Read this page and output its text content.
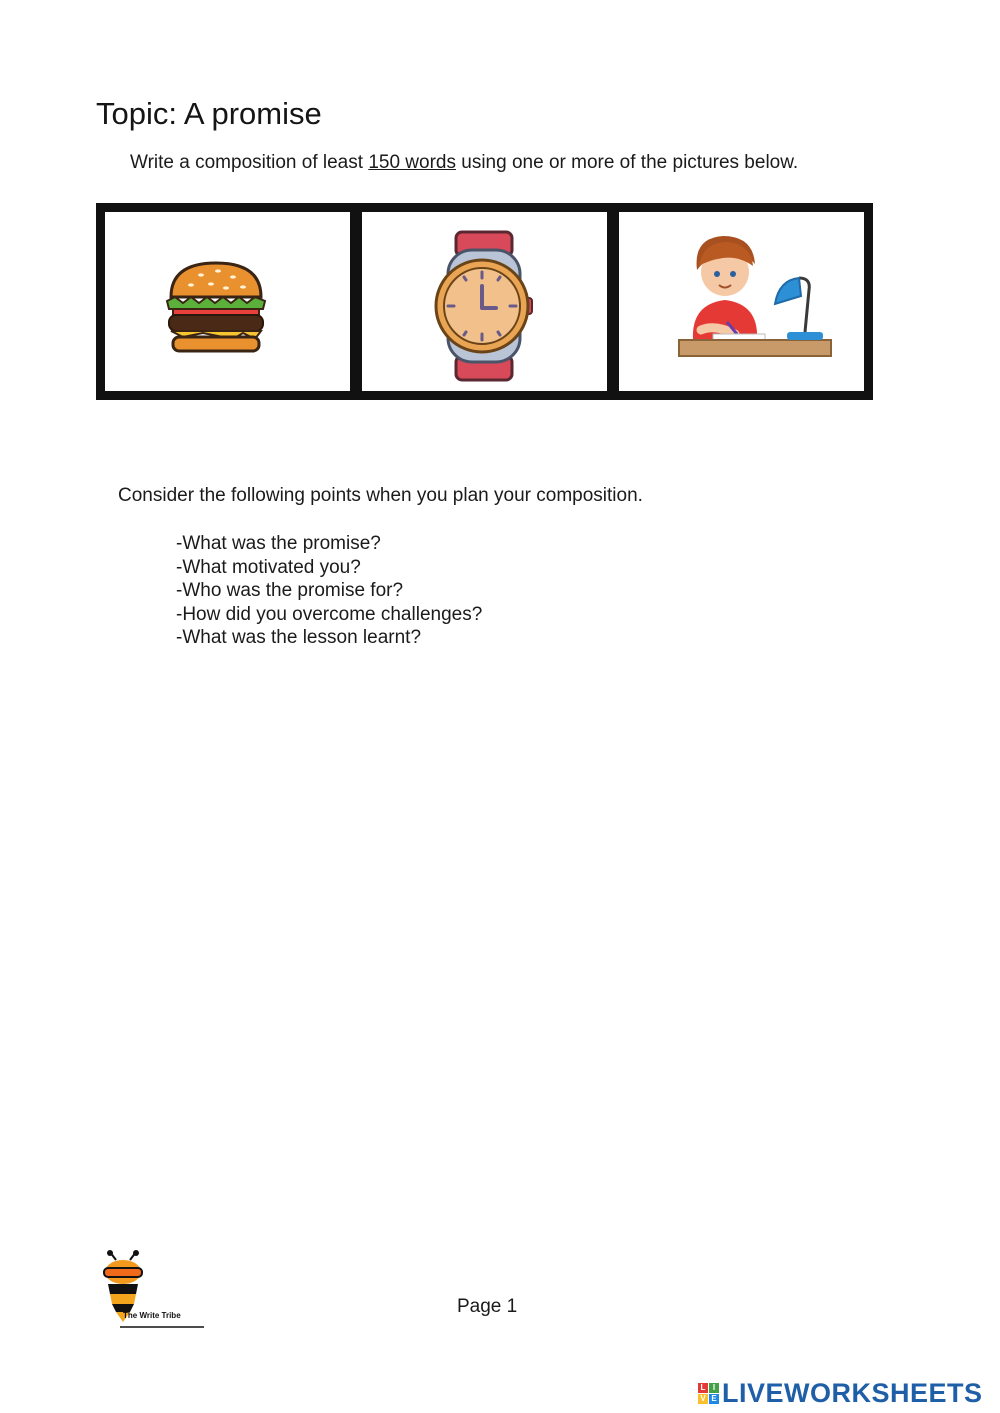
Topic: A promise
Write a composition of least 150 words using one or more of the pictures below.
Consider the following points when you plan your composition.
-What was the promise?
-What motivated you?
-Who was the promise for?
-How did you overcome challenges?
-What was the lesson learnt?
The Write Tribe	Page 1
L I
V E LIVEWORKSHEETS
